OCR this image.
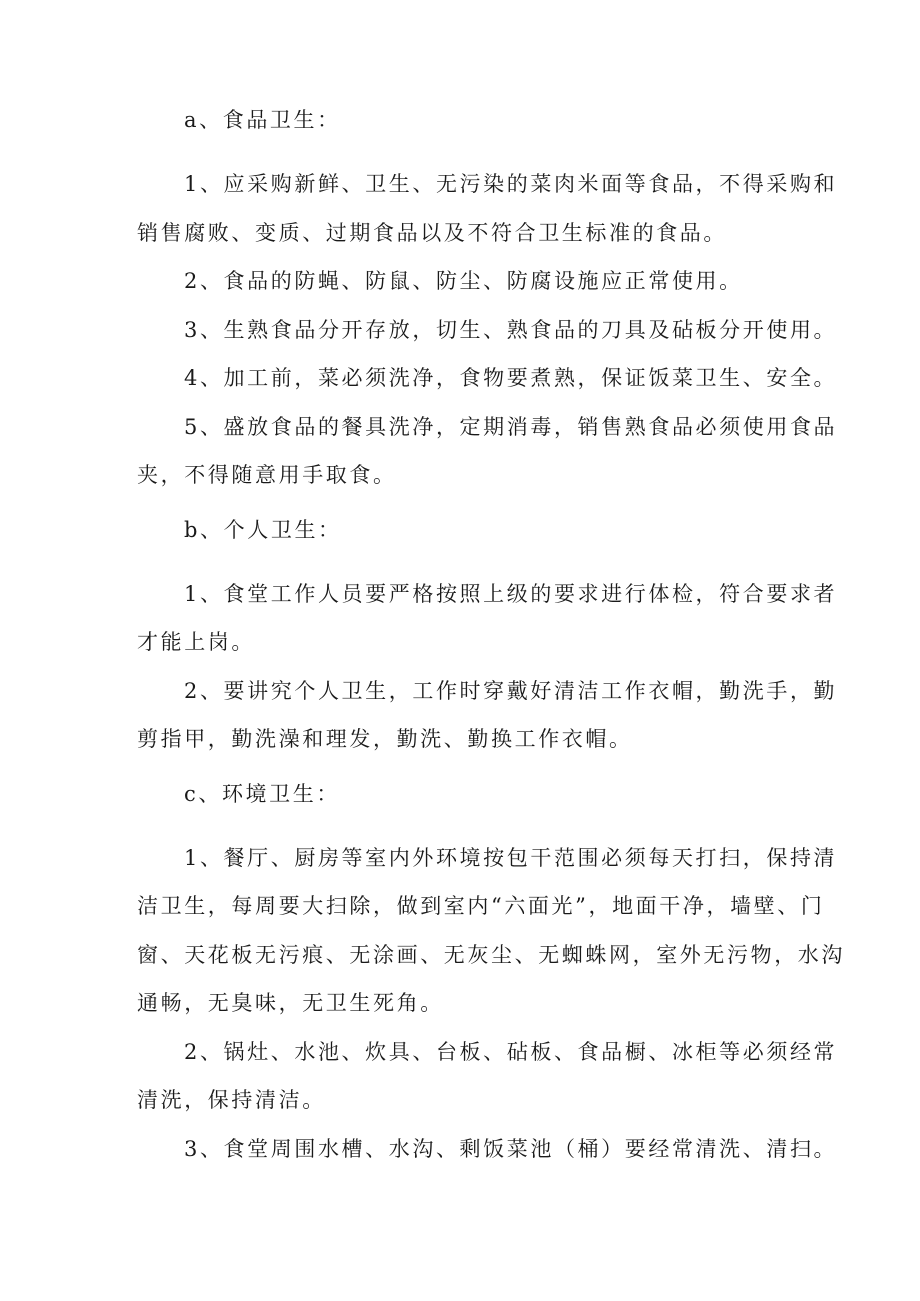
a、食品卫生：
1、应采购新鲜、卫生、无污染的菜肉米面等食品，不得采购和
销售腐败、变质、过期食品以及不符合卫生标准的食品。
2、食品的防蝇、防鼠、防尘、防腐设施应正常使用。
3、生熟食品分开存放，切生、熟食品的刀具及砧板分开使用。
4、加工前，菜必须洗净，食物要煮熟，保证饭菜卫生、安全。
5、盛放食品的餐具洗净，定期消毒，销售熟食品必须使用食品
夹，不得随意用手取食。
b、个人卫生：
1、食堂工作人员要严格按照上级的要求进行体检，符合要求者
才能上岗。
2、要讲究个人卫生，工作时穿戴好清洁工作衣帽，勤洗手，勤
剪指甲，勤洗澡和理发，勤洗、勤换工作衣帽。
c、环境卫生：
1、餐厅、厨房等室内外环境按包干范围必须每天打扫，保持清
洁卫生，每周要大扫除，做到室内“六面光”，地面干净，墙壁、门
窗、天花板无污痕、无涂画、无灰尘、无蜘蛛网，室外无污物，水沟
通畅，无臭味，无卫生死角。
2、锅灶、水池、炊具、台板、砧板、食品橱、冰柜等必须经常
清洗，保持清洁。
3、食堂周围水槽、水沟、剩饭菜池（桶）要经常清洗、清扫。
